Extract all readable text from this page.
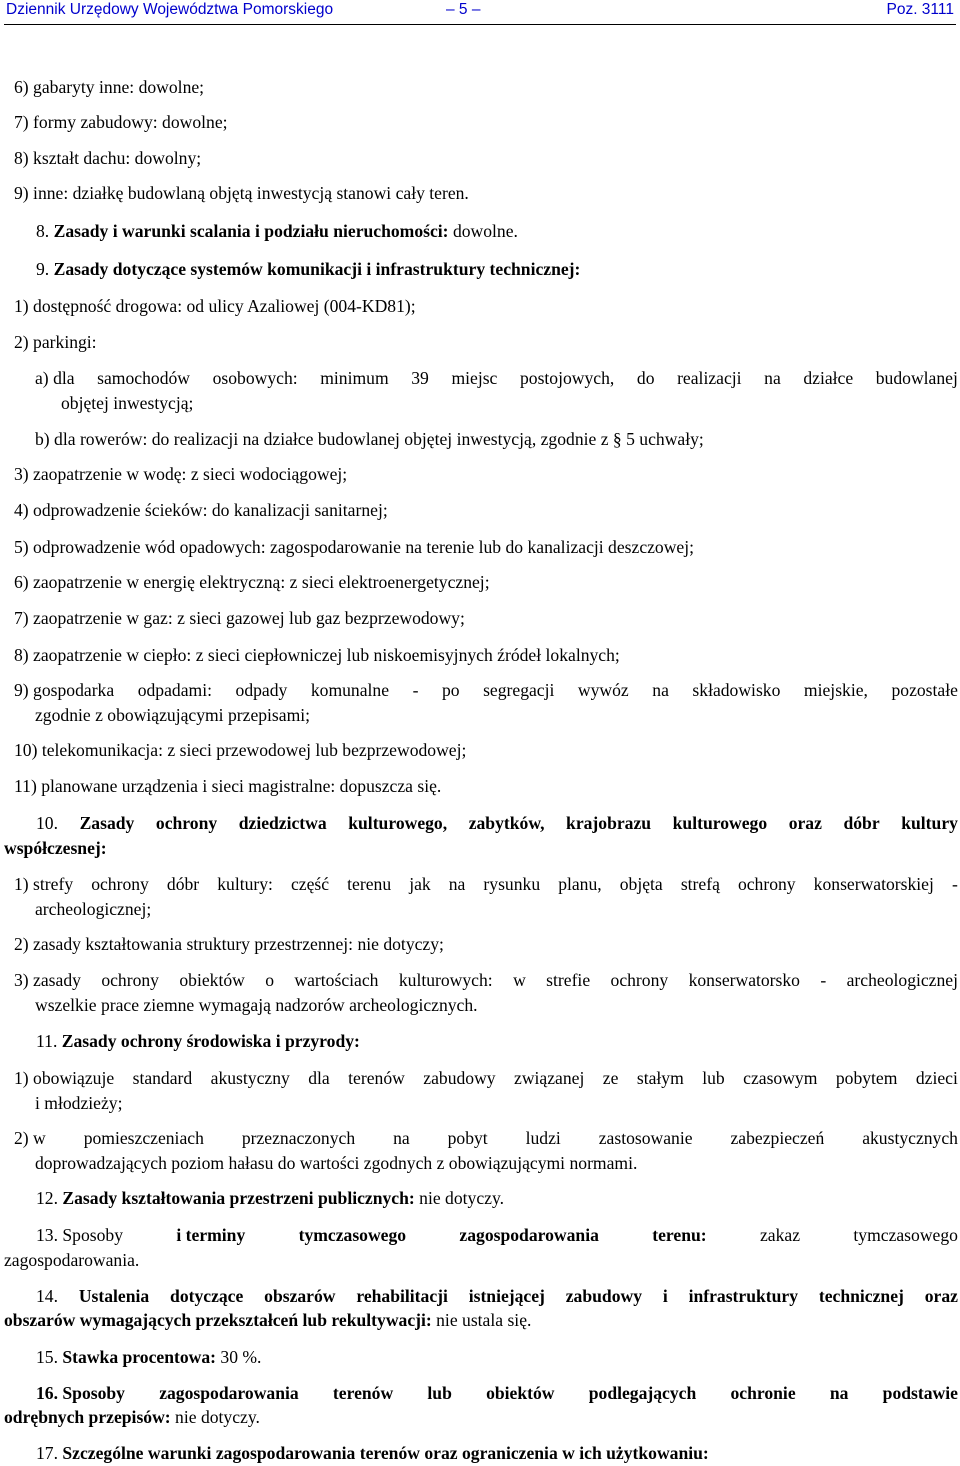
Dziennik Urzędowy Województwa Pomorskiego	– 5 –	Poz. 3111
6) gabaryty inne: dowolne;
7) formy zabudowy: dowolne;
8) kształt dachu: dowolny;
9) inne: działkę budowlaną objętą inwestycją stanowi cały teren.
8. Zasady i warunki scalania i podziału nieruchomości: dowolne.
9. Zasady dotyczące systemów komunikacji i infrastruktury technicznej:
1) dostępność drogowa: od ulicy Azaliowej (004-KD81);
2) parkingi:
a) dla samochodów osobowych: minimum 39 miejsc postojowych, do realizacji na działce budowlanej
objętej inwestycją;
b) dla rowerów: do realizacji na działce budowlanej objętej inwestycją, zgodnie z § 5 uchwały;
3) zaopatrzenie w wodę: z sieci wodociągowej;
4) odprowadzenie ścieków: do kanalizacji sanitarnej;
5) odprowadzenie wód opadowych: zagospodarowanie na terenie lub do kanalizacji deszczowej;
6) zaopatrzenie w energię elektryczną: z sieci elektroenergetycznej;
7) zaopatrzenie w gaz: z sieci gazowej lub gaz bezprzewodowy;
8) zaopatrzenie w ciepło: z sieci ciepłowniczej lub niskoemisyjnych źródeł lokalnych;
9) gospodarka odpadami: odpady komunalne - po segregacji wywóz na składowisko miejskie, pozostałe
zgodnie z obowiązującymi przepisami;
10) telekomunikacja: z sieci przewodowej lub bezprzewodowej;
11) planowane urządzenia i sieci magistralne: dopuszcza się.
10. Zasady ochrony dziedzictwa kulturowego, zabytków, krajobrazu kulturowego oraz dóbr kultury
współczesnej:
1) strefy ochrony dóbr kultury: część terenu jak na rysunku planu, objęta strefą ochrony konserwatorskiej -
archeologicznej;
2) zasady kształtowania struktury przestrzennej: nie dotyczy;
3) zasady ochrony obiektów o wartościach kulturowych: w strefie ochrony konserwatorsko - archeologicznej
wszelkie prace ziemne wymagają nadzorów archeologicznych.
11. Zasady ochrony środowiska i przyrody:
1) obowiązuje standard akustyczny dla terenów zabudowy związanej ze stałym lub czasowym pobytem dzieci
i młodzieży;
2) w pomieszczeniach przeznaczonych na pobyt ludzi zastosowanie zabezpieczeń akustycznych
doprowadzających poziom hałasu do wartości zgodnych z obowiązującymi normami.
12. Zasady kształtowania przestrzeni publicznych: nie dotyczy.
13. Sposoby	i terminy	tymczasowego	zagospodarowania	terenu:	zakaz	tymczasowego
zagospodarowania.
14. Ustalenia dotyczące obszarów rehabilitacji istniejącej zabudowy i infrastruktury technicznej oraz
obszarów wymagających przekształceń lub rekultywacji: nie ustala się.
15. Stawka procentowa: 30 %.
16. Sposoby zagospodarowania terenów lub obiektów podlegających ochronie na podstawie
odrębnych przepisów: nie dotyczy.
17. Szczególne warunki zagospodarowania terenów oraz ograniczenia w ich użytkowaniu:
